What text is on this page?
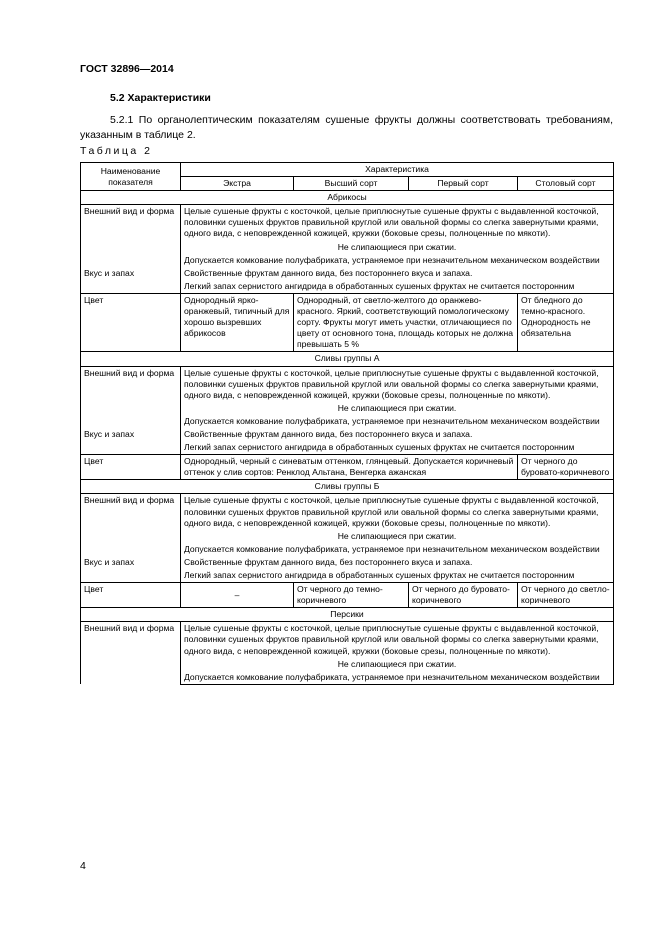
ГОСТ 32896—2014
5.2 Характеристики
5.2.1 По органолептическим показателям сушеные фрукты должны соответствовать требованиям, указанным в таблице 2.
Таблица 2
Наименование показателя	Характеристика			
	Экстра	Высший сорт	Первый сорт	Столовый сорт
Абрикосы				
Внешний вид и форма	Целые сушеные фрукты с косточкой, целые приплюснутые сушеные фрукты с выдавленной косточкой, половинки сушеных фруктов правильной круглой или овальной формы со слегка завернутыми краями, одного вида, с неповрежденной кожицей, кружки (боковые срезы, полноценные по мякоти).			
	Не слипающиеся при сжатии.			
	Допускается комкование полуфабриката, устраняемое при незначительном механическом воздействии			
Вкус и запах	Свойственные фруктам данного вида, без постороннего вкуса и запаха.			
	Легкий запах сернистого ангидрида в обработанных сушеных фруктах не считается посторонним			
Цвет	Однородный ярко-оранжевый, типичный для хорошо вызревших абрикосов	Однородный, от светло-желтого до оранжево-красного. Яркий, соответствующий помологическому сорту. Фрукты могут иметь участки, отличающиеся по цвету от основного тона, площадь которых не должна превышать 5 %		От бледного до темно-красного. Однородность не обязательна
Сливы группы А				
Внешний вид и форма	Целые сушеные фрукты с косточкой, целые приплюснутые сушеные фрукты с выдавленной косточкой, половинки сушеных фруктов правильной круглой или овальной формы со слегка завернутыми краями, одного вида, с неповрежденной кожицей, кружки (боковые срезы, полноценные по мякоти).			
	Не слипающиеся при сжатии.			
	Допускается комкование полуфабриката, устраняемое при незначительном механическом воздействии			
Вкус и запах	Свойственные фруктам данного вида, без постороннего вкуса и запаха.			
	Легкий запах сернистого ангидрида в обработанных сушеных фруктах не считается посторонним			
Цвет	Однородный, черный с синеватым оттенком, глянцевый. Допускается коричневый оттенок у слив сортов: Ренклод Альтана, Венгерка ажанская			От черного до буровато-коричневого
Сливы группы Б				
Внешний вид и форма	Целые сушеные фрукты с косточкой, целые приплюснутые сушеные фрукты с выдавленной косточкой, половинки сушеных фруктов правильной круглой или овальной формы со слегка завернутыми краями, одного вида, с неповрежденной кожицей, кружки (боковые срезы, полноценные по мякоти).			
	Не слипающиеся при сжатии.			
	Допускается комкование полуфабриката, устраняемое при незначительном механическом воздействии			
Вкус и запах	Свойственные фруктам данного вида, без постороннего вкуса и запаха.			
	Легкий запах сернистого ангидрида в обработанных сушеных фруктах не считается посторонним			
Цвет	–	От черного до темно-коричневого	От черного до буровато-коричневого	От черного до светло-коричневого
Персики				
Внешний вид и форма	Целые сушеные фрукты с косточкой, целые приплюснутые сушеные фрукты с выдавленной косточкой, половинки сушеных фруктов правильной круглой или овальной формы со слегка завернутыми краями, одного вида, с неповрежденной кожицей, кружки (боковые срезы, полноценные по мякоти).			
	Не слипающиеся при сжатии.			
	Допускается комкование полуфабриката, устраняемое при незначительном механическом воздействии			
4
